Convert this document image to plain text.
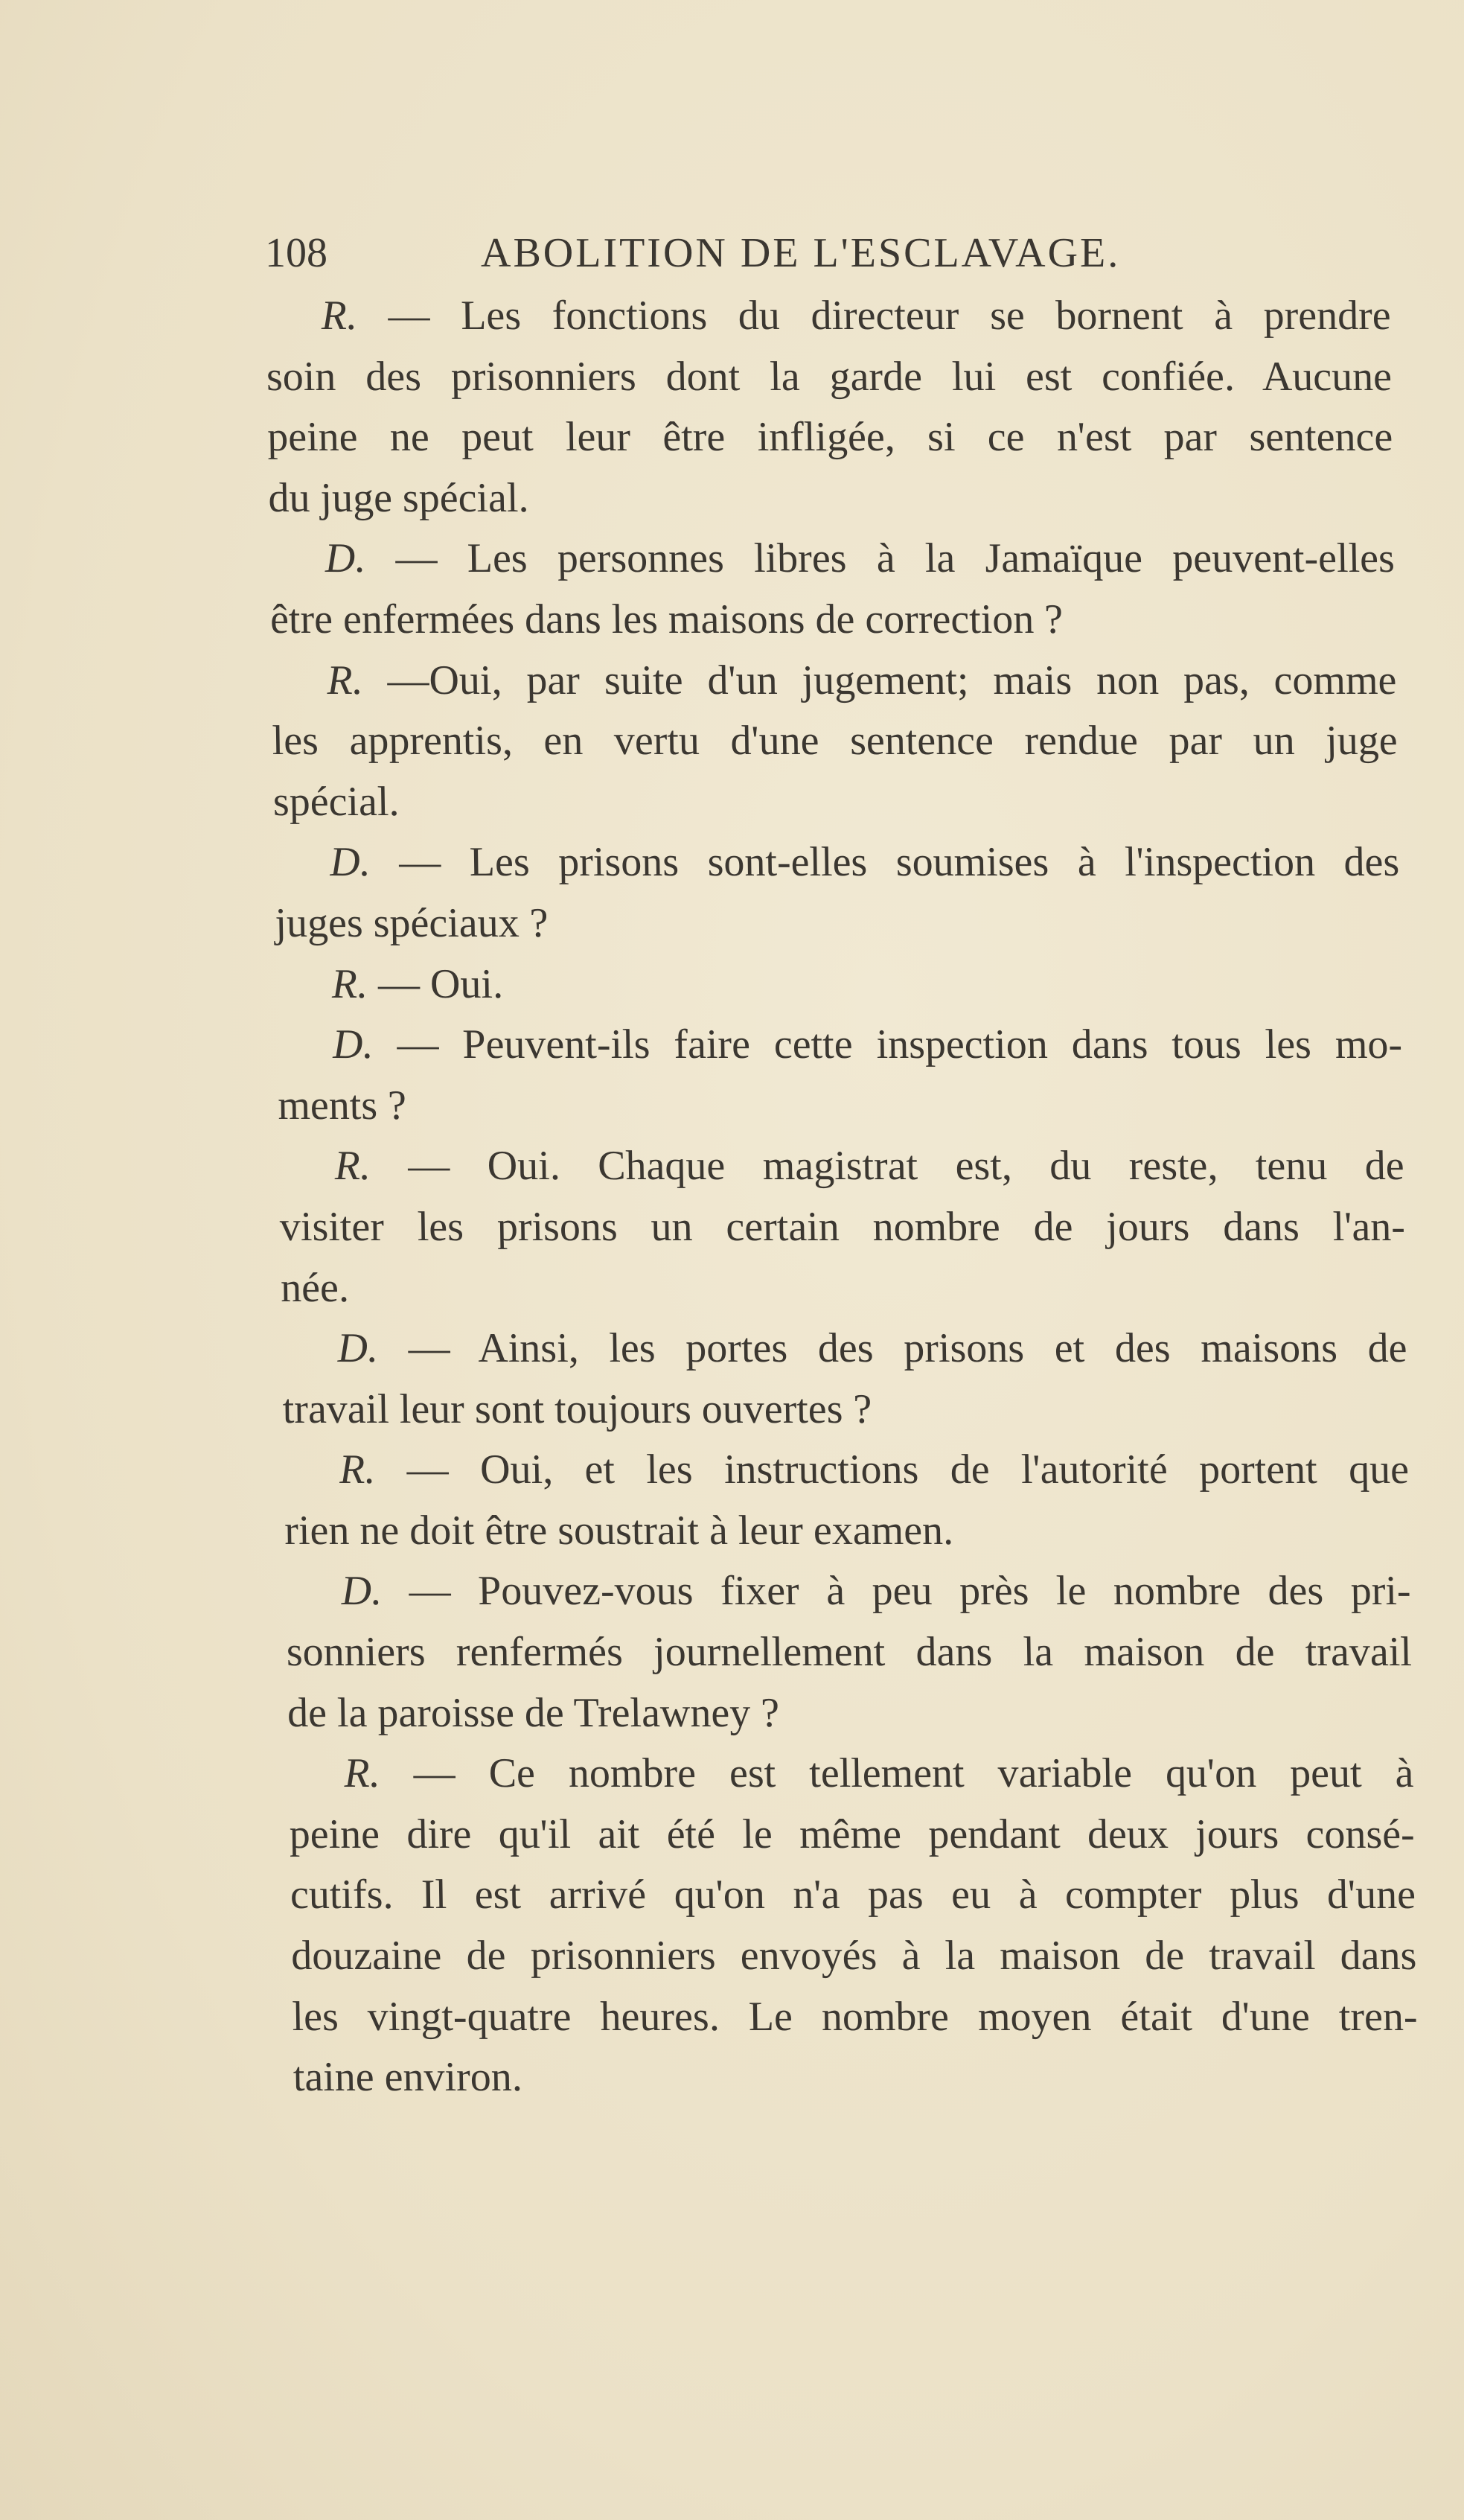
108	ABOLITION DE L'ESCLAVAGE.
R. — Les fonctions du directeur se bornent à prendre
soin des prisonniers dont la garde lui est confiée. Aucune
peine ne peut leur être infligée, si ce n'est par sentence
du juge spécial.
D. — Les personnes libres à la Jamaïque peuvent-elles
être enfermées dans les maisons de correction ?
R. —Oui, par suite d'un jugement; mais non pas, comme
les apprentis, en vertu d'une sentence rendue par un juge
spécial.
D. — Les prisons sont-elles soumises à l'inspection des
juges spéciaux ?
R. — Oui.
D. — Peuvent-ils faire cette inspection dans tous les mo-
ments ?
R. — Oui. Chaque magistrat est, du reste, tenu de
visiter les prisons un certain nombre de jours dans l'an-
née.
D. — Ainsi, les portes des prisons et des maisons de
travail leur sont toujours ouvertes ?
R. — Oui, et les instructions de l'autorité portent que
rien ne doit être soustrait à leur examen.
D. — Pouvez-vous fixer à peu près le nombre des pri-
sonniers renfermés journellement dans la maison de travail
de la paroisse de Trelawney ?
R. — Ce nombre est tellement variable qu'on peut à
peine dire qu'il ait été le même pendant deux jours consé-
cutifs. Il est arrivé qu'on n'a pas eu à compter plus d'une
douzaine de prisonniers envoyés à la maison de travail dans
les vingt-quatre heures. Le nombre moyen était d'une tren-
taine environ.
